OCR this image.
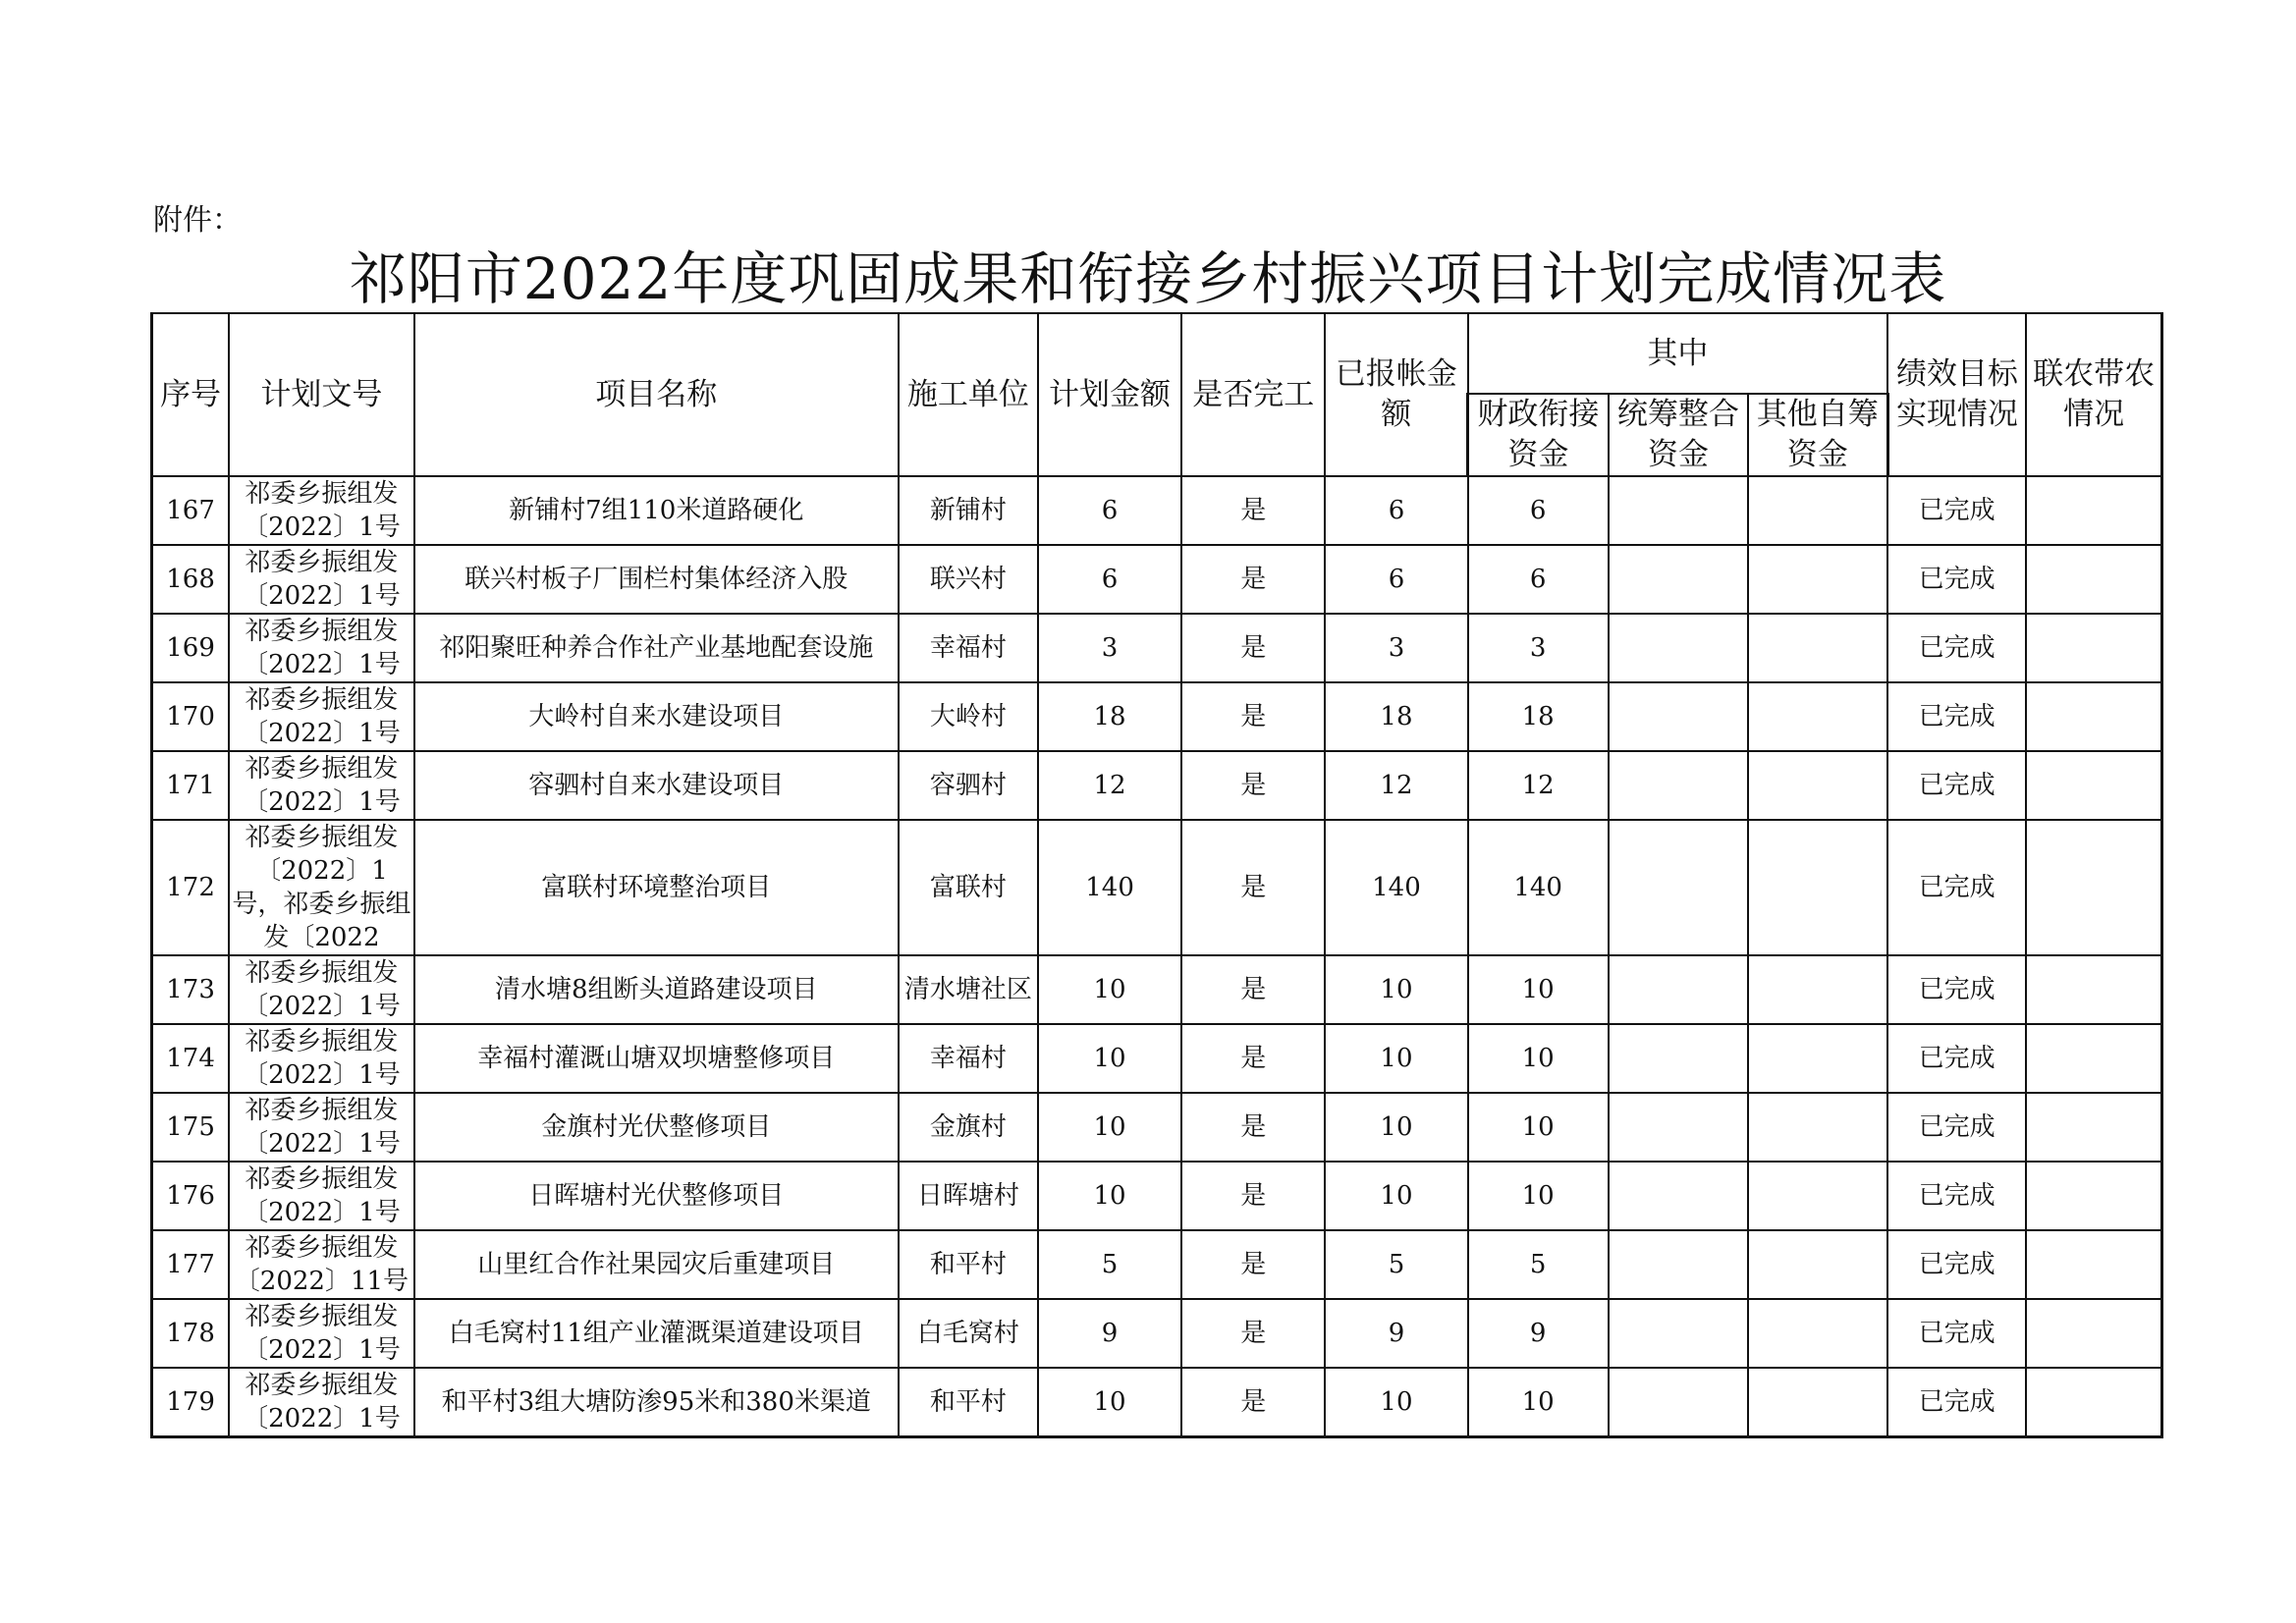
附件：
祁阳市2022年度巩固成果和衔接乡村振兴项目计划完成情况表
序号	计划文号	项目名称	施工单位	计划金额	是否完工	已报帐金额	其中			绩效目标实现情况	联农带农情况
							财政衔接资金	统筹整合资金	其他自筹资金		
167	祁委乡振组发〔2022〕1号	新铺村7组110米道路硬化	新铺村	6	是	6	6			已完成	
168	祁委乡振组发〔2022〕1号	联兴村板子厂围栏村集体经济入股	联兴村	6	是	6	6			已完成	
169	祁委乡振组发〔2022〕1号	祁阳聚旺种养合作社产业基地配套设施	幸福村	3	是	3	3			已完成	
170	祁委乡振组发〔2022〕1号	大岭村自来水建设项目	大岭村	18	是	18	18			已完成	
171	祁委乡振组发〔2022〕1号	容驷村自来水建设项目	容驷村	12	是	12	12			已完成	
172	祁委乡振组发〔2022〕1号，祁委乡振组发〔2022	富联村环境整治项目	富联村	140	是	140	140			已完成	
173	祁委乡振组发〔2022〕1号	清水塘8组断头道路建设项目	清水塘社区	10	是	10	10			已完成	
174	祁委乡振组发〔2022〕1号	幸福村灌溉山塘双坝塘整修项目	幸福村	10	是	10	10			已完成	
175	祁委乡振组发〔2022〕1号	金旗村光伏整修项目	金旗村	10	是	10	10			已完成	
176	祁委乡振组发〔2022〕1号	日晖塘村光伏整修项目	日晖塘村	10	是	10	10			已完成	
177	祁委乡振组发〔2022〕11号	山里红合作社果园灾后重建项目	和平村	5	是	5	5			已完成	
178	祁委乡振组发〔2022〕1号	白毛窝村11组产业灌溉渠道建设项目	白毛窝村	9	是	9	9			已完成	
179	祁委乡振组发〔2022〕1号	和平村3组大塘防渗95米和380米渠道	和平村	10	是	10	10			已完成	
